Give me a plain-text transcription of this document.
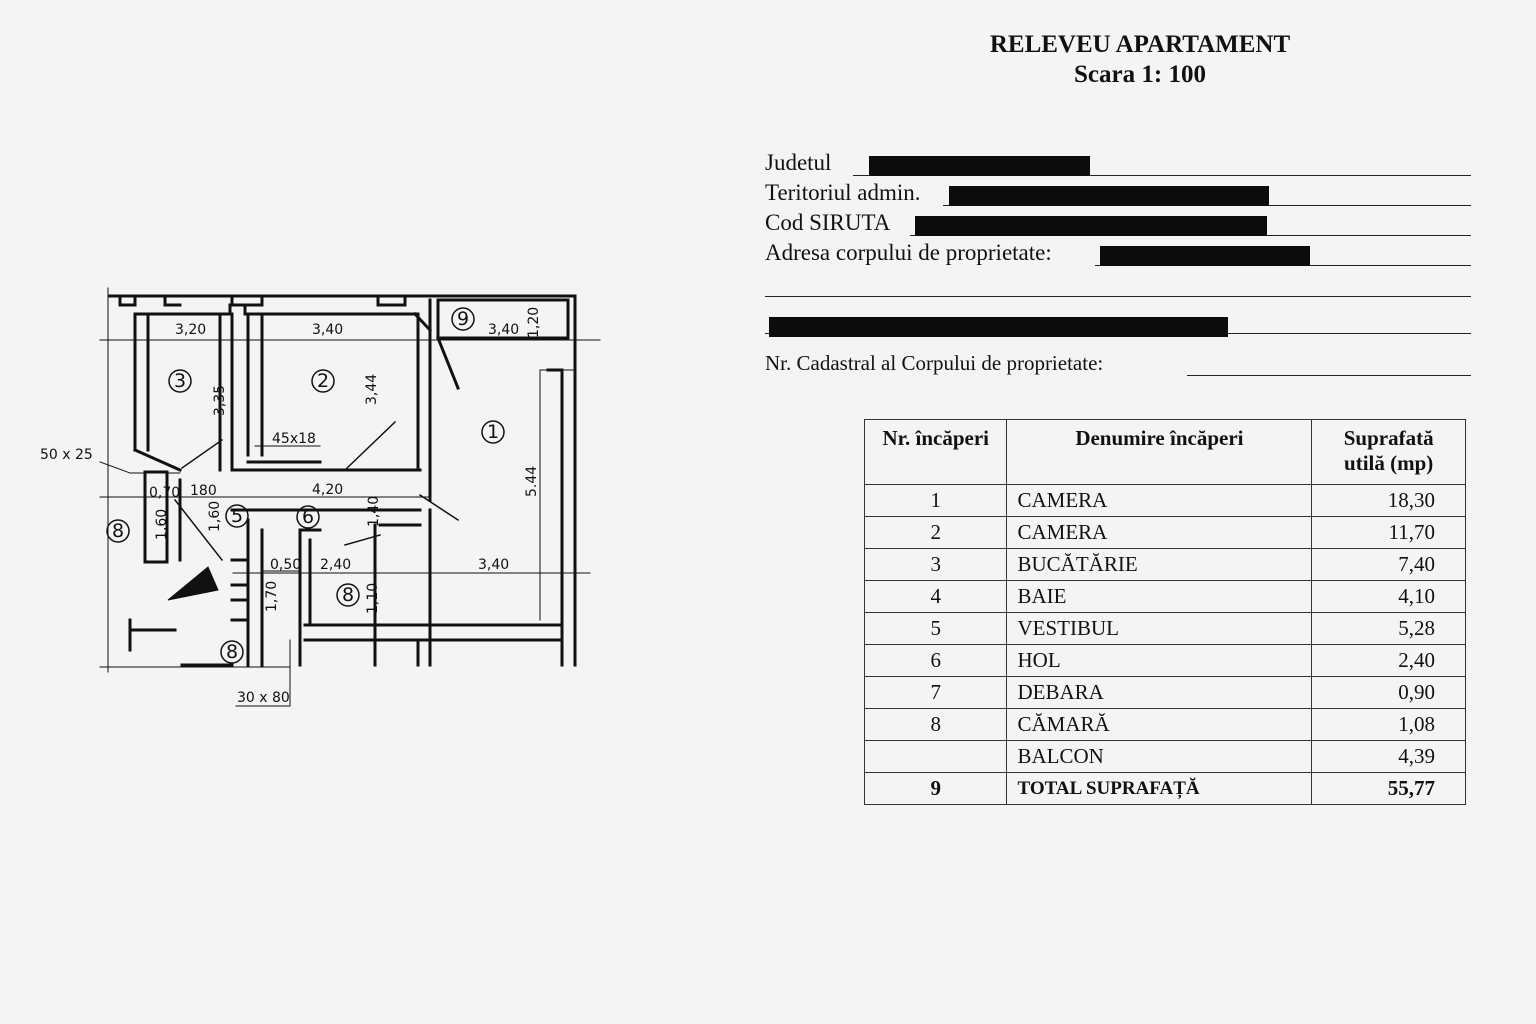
RELEVEU APARTAMENT
Scara 1: 100
Judetul
Teritoriul admin.
Cod SIRUTA
Adresa corpului de proprietate:
Nr. Cadastral al Corpului de proprietate:
Nr. încăperi	Denumire încăperi	Suprafată utilă (mp)
1	CAMERA	18,30
2	CAMERA	11,70
3	BUCĂTĂRIE	7,40
4	BAIE	4,10
5	VESTIBUL	5,28
6	HOL	2,40
7	DEBARA	0,90
8	CĂMARĂ	1,08
	BALCON	4,39
9	TOTAL SUPRAFAȚĂ	55,77
3	2
1
9
5	6
8
8
8
3,20	3,40	3,40 1,20
3,35	3,44
45x18
50 x 25
0,70 180	4,20	5.44
1,60	1,60	1,40
0,50 2,40	3,40
1,70	1,10
30 x 80
